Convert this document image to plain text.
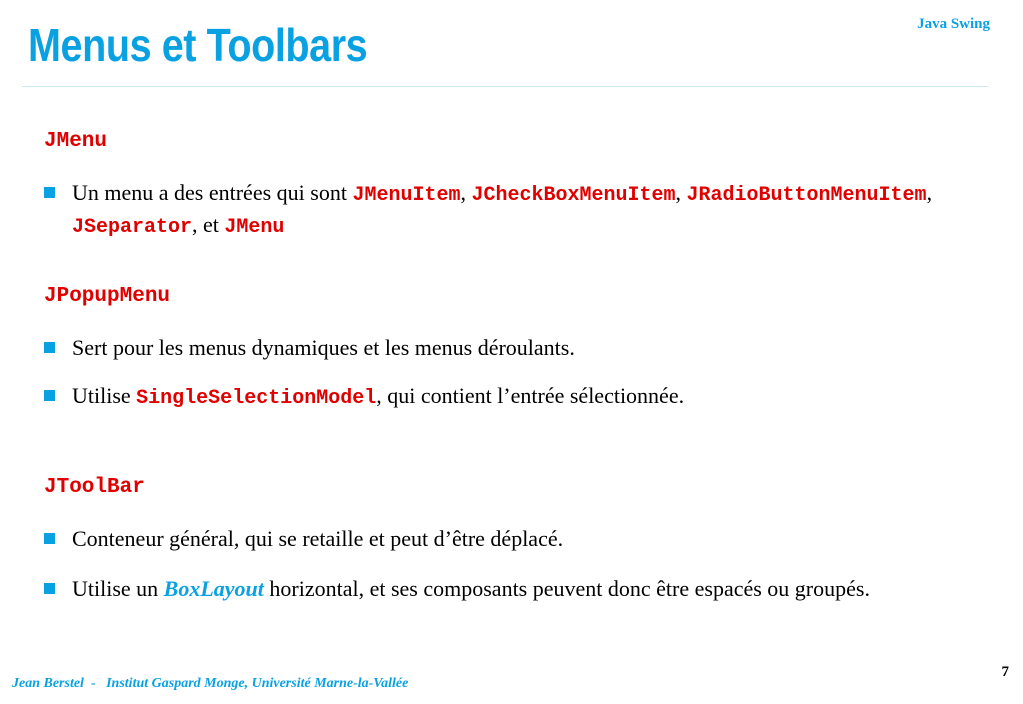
Menus et Toolbars	Java Swing
JMenu
Un menu a des entrées qui sont JMenuItem, JCheckBoxMenuItem, JRadioButtonMenuItem, JSeparator, et JMenu
JPopupMenu
Sert pour les menus dynamiques et les menus déroulants.
Utilise SingleSelectionModel, qui contient l’entrée sélectionnée.
JToolBar
Conteneur général, qui se retaille et peut d’être déplacé.
Utilise un BoxLayout horizontal, et ses composants peuvent donc être espacés ou groupés.
Jean Berstel  -   Institut Gaspard Monge, Université Marne-la-Vallée
7
